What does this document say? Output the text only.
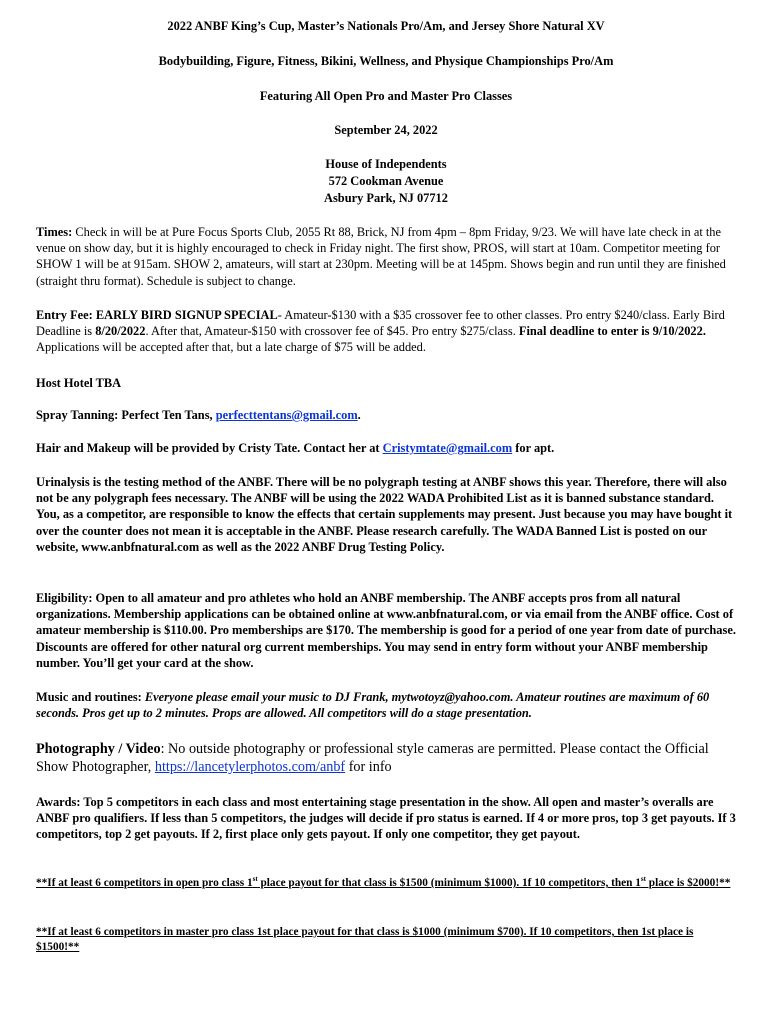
2022 ANBF King’s Cup, Master’s Nationals Pro/Am, and Jersey Shore Natural XV
Bodybuilding, Figure, Fitness, Bikini, Wellness, and Physique Championships Pro/Am
Featuring All Open Pro and Master Pro Classes
September 24, 2022
House of Independents
572 Cookman Avenue
Asbury Park, NJ 07712
Times: Check in will be at Pure Focus Sports Club, 2055 Rt 88, Brick, NJ from 4pm – 8pm Friday, 9/23. We will have late check in at the venue on show day, but it is highly encouraged to check in Friday night. The first show, PROS, will start at 10am. Competitor meeting for SHOW 1 will be at 915am. SHOW 2, amateurs, will start at 230pm. Meeting will be at 145pm. Shows begin and run until they are finished (straight thru format). Schedule is subject to change.
Entry Fee: EARLY BIRD SIGNUP SPECIAL- Amateur-$130 with a $35 crossover fee to other classes. Pro entry $240/class. Early Bird Deadline is 8/20/2022. After that, Amateur-$150 with crossover fee of $45. Pro entry $275/class. Final deadline to enter is 9/10/2022. Applications will be accepted after that, but a late charge of $75 will be added.
Host Hotel TBA
Spray Tanning: Perfect Ten Tans, perfecttentans@gmail.com.
Hair and Makeup will be provided by Cristy Tate. Contact her at Cristymtate@gmail.com for apt.
Urinalysis is the testing method of the ANBF. There will be no polygraph testing at ANBF shows this year. Therefore, there will also not be any polygraph fees necessary. The ANBF will be using the 2022 WADA Prohibited List as it is banned substance standard. You, as a competitor, are responsible to know the effects that certain supplements may present. Just because you may have bought it over the counter does not mean it is acceptable in the ANBF. Please research carefully. The WADA Banned List is posted on our website, www.anbfnatural.com as well as the 2022 ANBF Drug Testing Policy.
Eligibility: Open to all amateur and pro athletes who hold an ANBF membership. The ANBF accepts pros from all natural organizations. Membership applications can be obtained online at www.anbfnatural.com, or via email from the ANBF office. Cost of amateur membership is $110.00. Pro memberships are $170. The membership is good for a period of one year from date of purchase. Discounts are offered for other natural org current memberships. You may send in entry form without your ANBF membership number. You’ll get your card at the show.
Music and routines: Everyone please email your music to DJ Frank, mytwotoyz@yahoo.com. Amateur routines are maximum of 60 seconds. Pros get up to 2 minutes. Props are allowed. All competitors will do a stage presentation.
Photography / Video: No outside photography or professional style cameras are permitted. Please contact the Official Show Photographer, https://lancetylerphotos.com/anbf for info
Awards: Top 5 competitors in each class and most entertaining stage presentation in the show. All open and master’s overalls are ANBF pro qualifiers. If less than 5 competitors, the judges will decide if pro status is earned. If 4 or more pros, top 3 get payouts. If 3 competitors, top 2 get payouts. If 2, first place only gets payout. If only one competitor, they get payout.
**If at least 6 competitors in open pro class 1st place payout for that class is $1500 (minimum $1000). 1f 10 competitors, then 1st place is $2000!**
**If at least 6 competitors in master pro class 1st place payout for that class is $1000 (minimum $700). If 10 competitors, then 1st place is $1500!**
